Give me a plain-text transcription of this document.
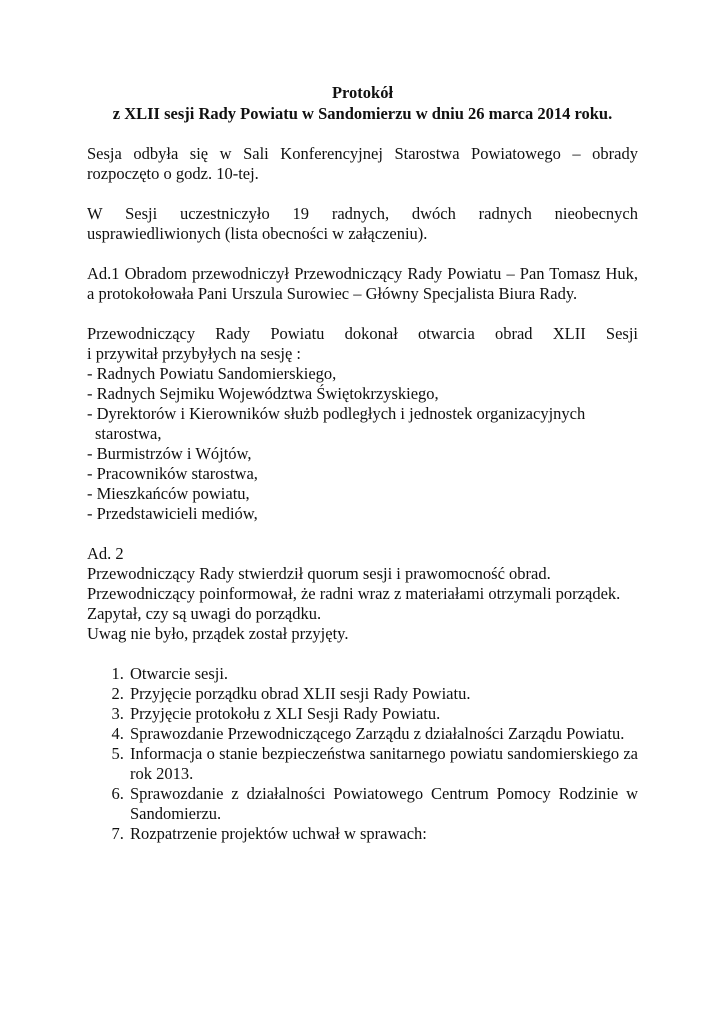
Protokół

z XLII sesji Rady Powiatu w Sandomierzu w dniu 26 marca 2014 roku.

Sesja odbyła się w Sali Konferencyjnej Starostwa Powiatowego – obrady rozpoczęto o godz. 10-tej.

W Sesji uczestniczyło 19 radnych, dwóch radnych nieobecnych usprawiedliwionych (lista obecności w załączeniu).

Ad.1 Obradom przewodniczył Przewodniczący Rady Powiatu – Pan Tomasz Huk, a protokołowała Pani Urszula Surowiec – Główny Specjalista Biura Rady.

Przewodniczący Rady Powiatu dokonał otwarcia obrad XLII Sesji

i przywitał przybyłych na sesję :

- Radnych Powiatu Sandomierskiego,
- Radnych Sejmiku Województwa Świętokrzyskiego,
- Dyrektorów i Kierowników służb podległych i jednostek organizacyjnych starostwa,
- Burmistrzów i Wójtów,
- Pracowników starostwa,
- Mieszkańców powiatu,
- Przedstawicieli mediów,

Ad. 2

Przewodniczący Rady stwierdził quorum sesji i prawomocność obrad.

Przewodniczący poinformował, że radni wraz z materiałami otrzymali porządek.

Zapytał, czy są uwagi do porządku.

Uwag nie było, prządek został przyjęty.

1. Otwarcie sesji.
2. Przyjęcie porządku obrad XLII sesji Rady Powiatu.
3. Przyjęcie protokołu z XLI Sesji Rady Powiatu.
4. Sprawozdanie Przewodniczącego Zarządu z działalności Zarządu Powiatu.
5. Informacja o stanie bezpieczeństwa sanitarnego powiatu sandomierskiego za rok 2013.
6. Sprawozdanie z działalności Powiatowego Centrum Pomocy Rodzinie w Sandomierzu.
7. Rozpatrzenie projektów uchwał w sprawach:
